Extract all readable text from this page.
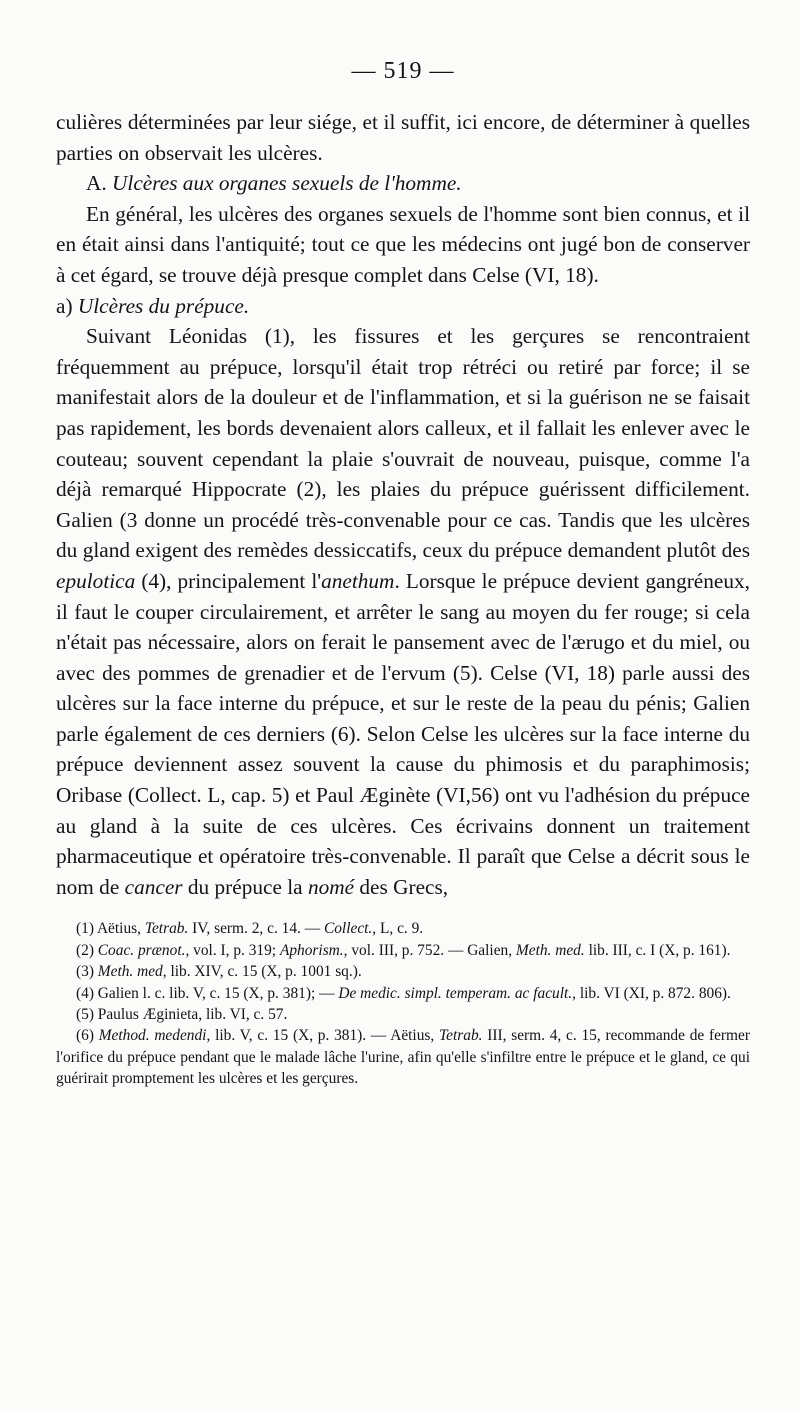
— 519 —

culières déterminées par leur siége, et il suffit, ici encore, de déterminer à quelles parties on observait les ulcères.

A. Ulcères aux organes sexuels de l'homme.

En général, les ulcères des organes sexuels de l'homme sont bien connus, et il en était ainsi dans l'antiquité; tout ce que les médecins ont jugé bon de conserver à cet égard, se trouve déjà presque complet dans Celse (VI, 18).

a) Ulcères du prépuce.

Suivant Léonidas (1), les fissures et les gerçures se rencontraient fréquemment au prépuce, lorsqu'il était trop rétréci ou retiré par force; il se manifestait alors de la douleur et de l'inflammation, et si la guérison ne se faisait pas rapidement, les bords devenaient alors calleux, et il fallait les enlever avec le couteau; souvent cependant la plaie s'ouvrait de nouveau, puisque, comme l'a déjà remarqué Hippocrate (2), les plaies du prépuce guérissent difficilement. Galien (3 donne un procédé très-convenable pour ce cas. Tandis que les ulcères du gland exigent des remèdes dessiccatifs, ceux du prépuce demandent plutôt des epulotica (4), principalement l'anethum. Lorsque le prépuce devient gangréneux, il faut le couper circulairement, et arrêter le sang au moyen du fer rouge; si cela n'était pas nécessaire, alors on ferait le pansement avec de l'ærugo et du miel, ou avec des pommes de grenadier et de l'ervum (5). Celse (VI, 18) parle aussi des ulcères sur la face interne du prépuce, et sur le reste de la peau du pénis; Galien parle également de ces derniers (6). Selon Celse les ulcères sur la face interne du prépuce deviennent assez souvent la cause du phimosis et du paraphimosis; Oribase (Collect. L, cap. 5) et Paul Æginète (VI,56) ont vu l'adhésion du prépuce au gland à la suite de ces ulcères. Ces écrivains donnent un traitement pharmaceutique et opératoire très-convenable. Il paraît que Celse a décrit sous le nom de cancer du prépuce la nomé des Grecs,

(1) Aëtius, Tetrab. IV, serm. 2, c. 14. — Collect., L, c. 9.

(2) Coac. prænot., vol. I, p. 319; Aphorism., vol. III, p. 752. — Galien, Meth. med. lib. III, c. I (X, p. 161).

(3) Meth. med, lib. XIV, c. 15 (X, p. 1001 sq.).

(4) Galien l. c. lib. V, c. 15 (X, p. 381); — De medic. simpl. temperam. ac facult., lib. VI (XI, p. 872. 806).

(5) Paulus Æginieta, lib. VI, c. 57.

(6) Method. medendi, lib. V, c. 15 (X, p. 381). — Aëtius, Tetrab. III, serm. 4, c. 15, recommande de fermer l'orifice du prépuce pendant que le malade lâche l'urine, afin qu'elle s'infiltre entre le prépuce et le gland, ce qui guérirait promptement les ulcères et les gerçures.
